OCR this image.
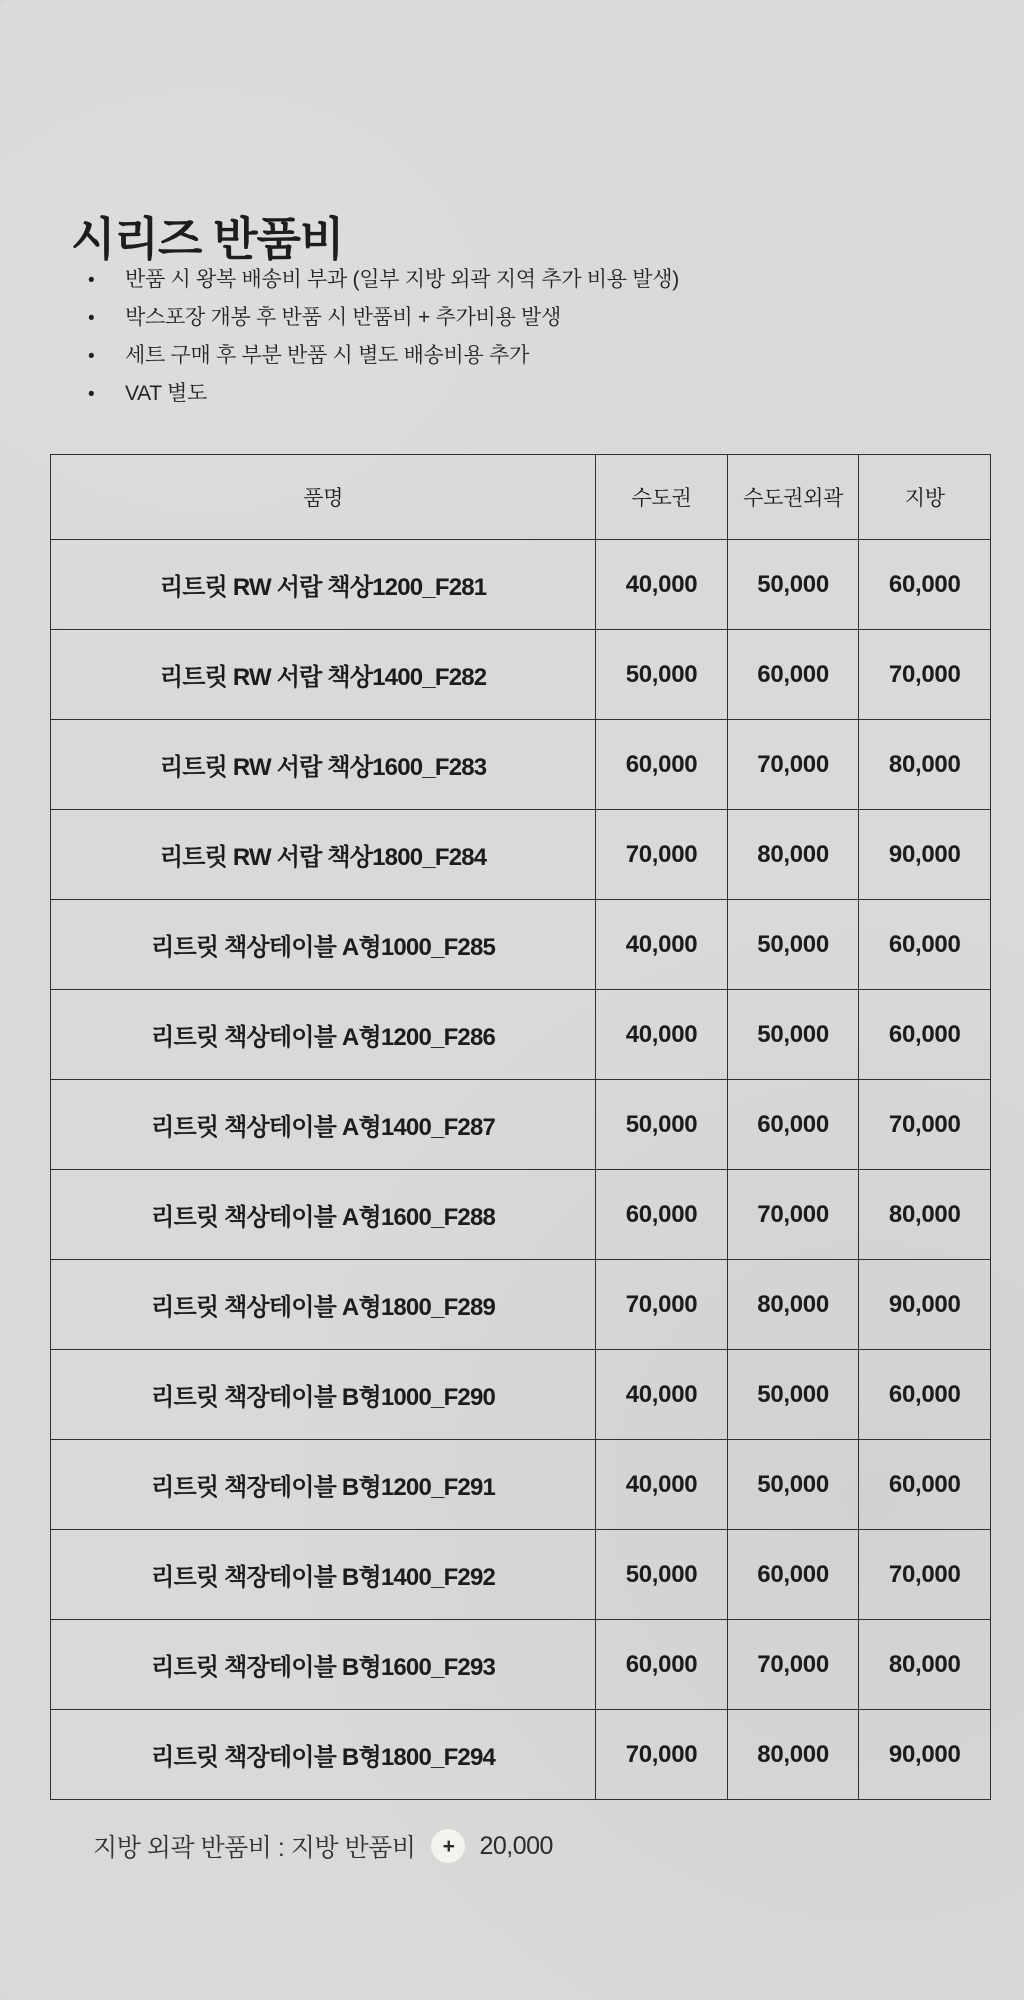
시리즈 반품비
•	반품 시 왕복 배송비 부과 (일부 지방 외곽 지역 추가 비용 발생)
•	박스포장 개봉 후 반품 시 반품비 + 추가비용 발생
•	세트 구매 후 부분 반품 시 별도 배송비용 추가
•	VAT 별도
품명	수도권	수도권외곽	지방
리트릿 RW 서랍 책상1200_F281	40,000	50,000	60,000
리트릿 RW 서랍 책상1400_F282	50,000	60,000	70,000
리트릿 RW 서랍 책상1600_F283	60,000	70,000	80,000
리트릿 RW 서랍 책상1800_F284	70,000	80,000	90,000
리트릿 책상테이블 A형1000_F285	40,000	50,000	60,000
리트릿 책상테이블 A형1200_F286	40,000	50,000	60,000
리트릿 책상테이블 A형1400_F287	50,000	60,000	70,000
리트릿 책상테이블 A형1600_F288	60,000	70,000	80,000
리트릿 책상테이블 A형1800_F289	70,000	80,000	90,000
리트릿 책장테이블 B형1000_F290	40,000	50,000	60,000
리트릿 책장테이블 B형1200_F291	40,000	50,000	60,000
리트릿 책장테이블 B형1400_F292	50,000	60,000	70,000
리트릿 책장테이블 B형1600_F293	60,000	70,000	80,000
리트릿 책장테이블 B형1800_F294	70,000	80,000	90,000
지방 외곽 반품비 : 지방 반품비	+	20,000
